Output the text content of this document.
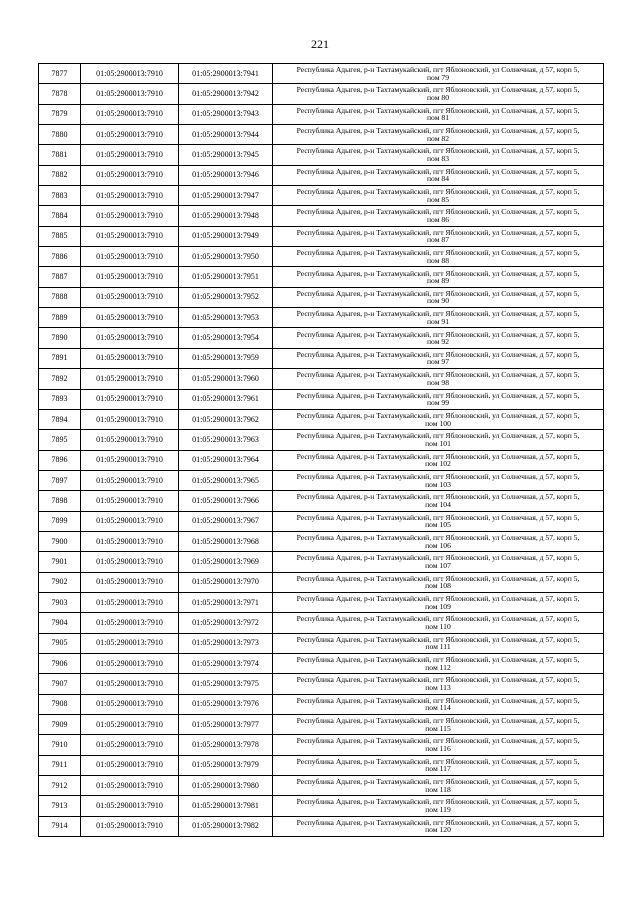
221
7877	01:05:2900013:7910	01:05:2900013:7941	Республика Адыгея, р-н Тахтамукайский, пгт Яблоновский, ул Солнечная, д 57, корп 5,
пом 79

7878	01:05:2900013:7910	01:05:2900013:7942	Республика Адыгея, р-н Тахтамукайский, пгт Яблоновский, ул Солнечная, д 57, корп 5,
пом 80

7879	01:05:2900013:7910	01:05:2900013:7943	Республика Адыгея, р-н Тахтамукайский, пгт Яблоновский, ул Солнечная, д 57, корп 5,
пом 81

7880	01:05:2900013:7910	01:05:2900013:7944	Республика Адыгея, р-н Тахтамукайский, пгт Яблоновский, ул Солнечная, д 57, корп 5,
пом 82

7881	01:05:2900013:7910	01:05:2900013:7945	Республика Адыгея, р-н Тахтамукайский, пгт Яблоновский, ул Солнечная, д 57, корп 5,
пом 83

7882	01:05:2900013:7910	01:05:2900013:7946	Республика Адыгея, р-н Тахтамукайский, пгт Яблоновский, ул Солнечная, д 57, корп 5,
пом 84

7883	01:05:2900013:7910	01:05:2900013:7947	Республика Адыгея, р-н Тахтамукайский, пгт Яблоновский, ул Солнечная, д 57, корп 5,
пом 85

7884	01:05:2900013:7910	01:05:2900013:7948	Республика Адыгея, р-н Тахтамукайский, пгт Яблоновский, ул Солнечная, д 57, корп 5,
пом 86

7885	01:05:2900013:7910	01:05:2900013:7949	Республика Адыгея, р-н Тахтамукайский, пгт Яблоновский, ул Солнечная, д 57, корп 5,
пом 87

7886	01:05:2900013:7910	01:05:2900013:7950	Республика Адыгея, р-н Тахтамукайский, пгт Яблоновский, ул Солнечная, д 57, корп 5,
пом 88

7887	01:05:2900013:7910	01:05:2900013:7951	Республика Адыгея, р-н Тахтамукайский, пгт Яблоновский, ул Солнечная, д 57, корп 5,
пом 89

7888	01:05:2900013:7910	01:05:2900013:7952	Республика Адыгея, р-н Тахтамукайский, пгт Яблоновский, ул Солнечная, д 57, корп 5,
пом 90

7889	01:05:2900013:7910	01:05:2900013:7953	Республика Адыгея, р-н Тахтамукайский, пгт Яблоновский, ул Солнечная, д 57, корп 5,
пом 91

7890	01:05:2900013:7910	01:05:2900013:7954	Республика Адыгея, р-н Тахтамукайский, пгт Яблоновский, ул Солнечная, д 57, корп 5,
пом 92

7891	01:05:2900013:7910	01:05:2900013:7959	Республика Адыгея, р-н Тахтамукайский, пгт Яблоновский, ул Солнечная, д 57, корп 5,
пом 97

7892	01:05:2900013:7910	01:05:2900013:7960	Республика Адыгея, р-н Тахтамукайский, пгт Яблоновский, ул Солнечная, д 57, корп 5,
пом 98

7893	01:05:2900013:7910	01:05:2900013:7961	Республика Адыгея, р-н Тахтамукайский, пгт Яблоновский, ул Солнечная, д 57, корп 5,
пом 99

7894	01:05:2900013:7910	01:05:2900013:7962	Республика Адыгея, р-н Тахтамукайский, пгт Яблоновский, ул Солнечная, д 57, корп 5,
пом 100

7895	01:05:2900013:7910	01:05:2900013:7963	Республика Адыгея, р-н Тахтамукайский, пгт Яблоновский, ул Солнечная, д 57, корп 5,
пом 101

7896	01:05:2900013:7910	01:05:2900013:7964	Республика Адыгея, р-н Тахтамукайский, пгт Яблоновский, ул Солнечная, д 57, корп 5,
пом 102

7897	01:05:2900013:7910	01:05:2900013:7965	Республика Адыгея, р-н Тахтамукайский, пгт Яблоновский, ул Солнечная, д 57, корп 5,
пом 103

7898	01:05:2900013:7910	01:05:2900013:7966	Республика Адыгея, р-н Тахтамукайский, пгт Яблоновский, ул Солнечная, д 57, корп 5,
пом 104

7899	01:05:2900013:7910	01:05:2900013:7967	Республика Адыгея, р-н Тахтамукайский, пгт Яблоновский, ул Солнечная, д 57, корп 5,
пом 105

7900	01:05:2900013:7910	01:05:2900013:7968	Республика Адыгея, р-н Тахтамукайский, пгт Яблоновский, ул Солнечная, д 57, корп 5,
пом 106

7901	01:05:2900013:7910	01:05:2900013:7969	Республика Адыгея, р-н Тахтамукайский, пгт Яблоновский, ул Солнечная, д 57, корп 5,
пом 107

7902	01:05:2900013:7910	01:05:2900013:7970	Республика Адыгея, р-н Тахтамукайский, пгт Яблоновский, ул Солнечная, д 57, корп 5,
пом 108

7903	01:05:2900013:7910	01:05:2900013:7971	Республика Адыгея, р-н Тахтамукайский, пгт Яблоновский, ул Солнечная, д 57, корп 5,
пом 109

7904	01:05:2900013:7910	01:05:2900013:7972	Республика Адыгея, р-н Тахтамукайский, пгт Яблоновский, ул Солнечная, д 57, корп 5,
пом 110

7905	01:05:2900013:7910	01:05:2900013:7973	Республика Адыгея, р-н Тахтамукайский, пгт Яблоновский, ул Солнечная, д 57, корп 5,
пом 111

7906	01:05:2900013:7910	01:05:2900013:7974	Республика Адыгея, р-н Тахтамукайский, пгт Яблоновский, ул Солнечная, д 57, корп 5,
пом 112

7907	01:05:2900013:7910	01:05:2900013:7975	Республика Адыгея, р-н Тахтамукайский, пгт Яблоновский, ул Солнечная, д 57, корп 5,
пом 113

7908	01:05:2900013:7910	01:05:2900013:7976	Республика Адыгея, р-н Тахтамукайский, пгт Яблоновский, ул Солнечная, д 57, корп 5,
пом 114

7909	01:05:2900013:7910	01:05:2900013:7977	Республика Адыгея, р-н Тахтамукайский, пгт Яблоновский, ул Солнечная, д 57, корп 5,
пом 115

7910	01:05:2900013:7910	01:05:2900013:7978	Республика Адыгея, р-н Тахтамукайский, пгт Яблоновский, ул Солнечная, д 57, корп 5,
пом 116

7911	01:05:2900013:7910	01:05:2900013:7979	Республика Адыгея, р-н Тахтамукайский, пгт Яблоновский, ул Солнечная, д 57, корп 5,
пом 117

7912	01:05:2900013:7910	01:05:2900013:7980	Республика Адыгея, р-н Тахтамукайский, пгт Яблоновский, ул Солнечная, д 57, корп 5,
пом 118

7913	01:05:2900013:7910	01:05:2900013:7981	Республика Адыгея, р-н Тахтамукайский, пгт Яблоновский, ул Солнечная, д 57, корп 5,
пом 119

7914	01:05:2900013:7910	01:05:2900013:7982	Республика Адыгея, р-н Тахтамукайский, пгт Яблоновский, ул Солнечная, д 57, корп 5,
пом 120
